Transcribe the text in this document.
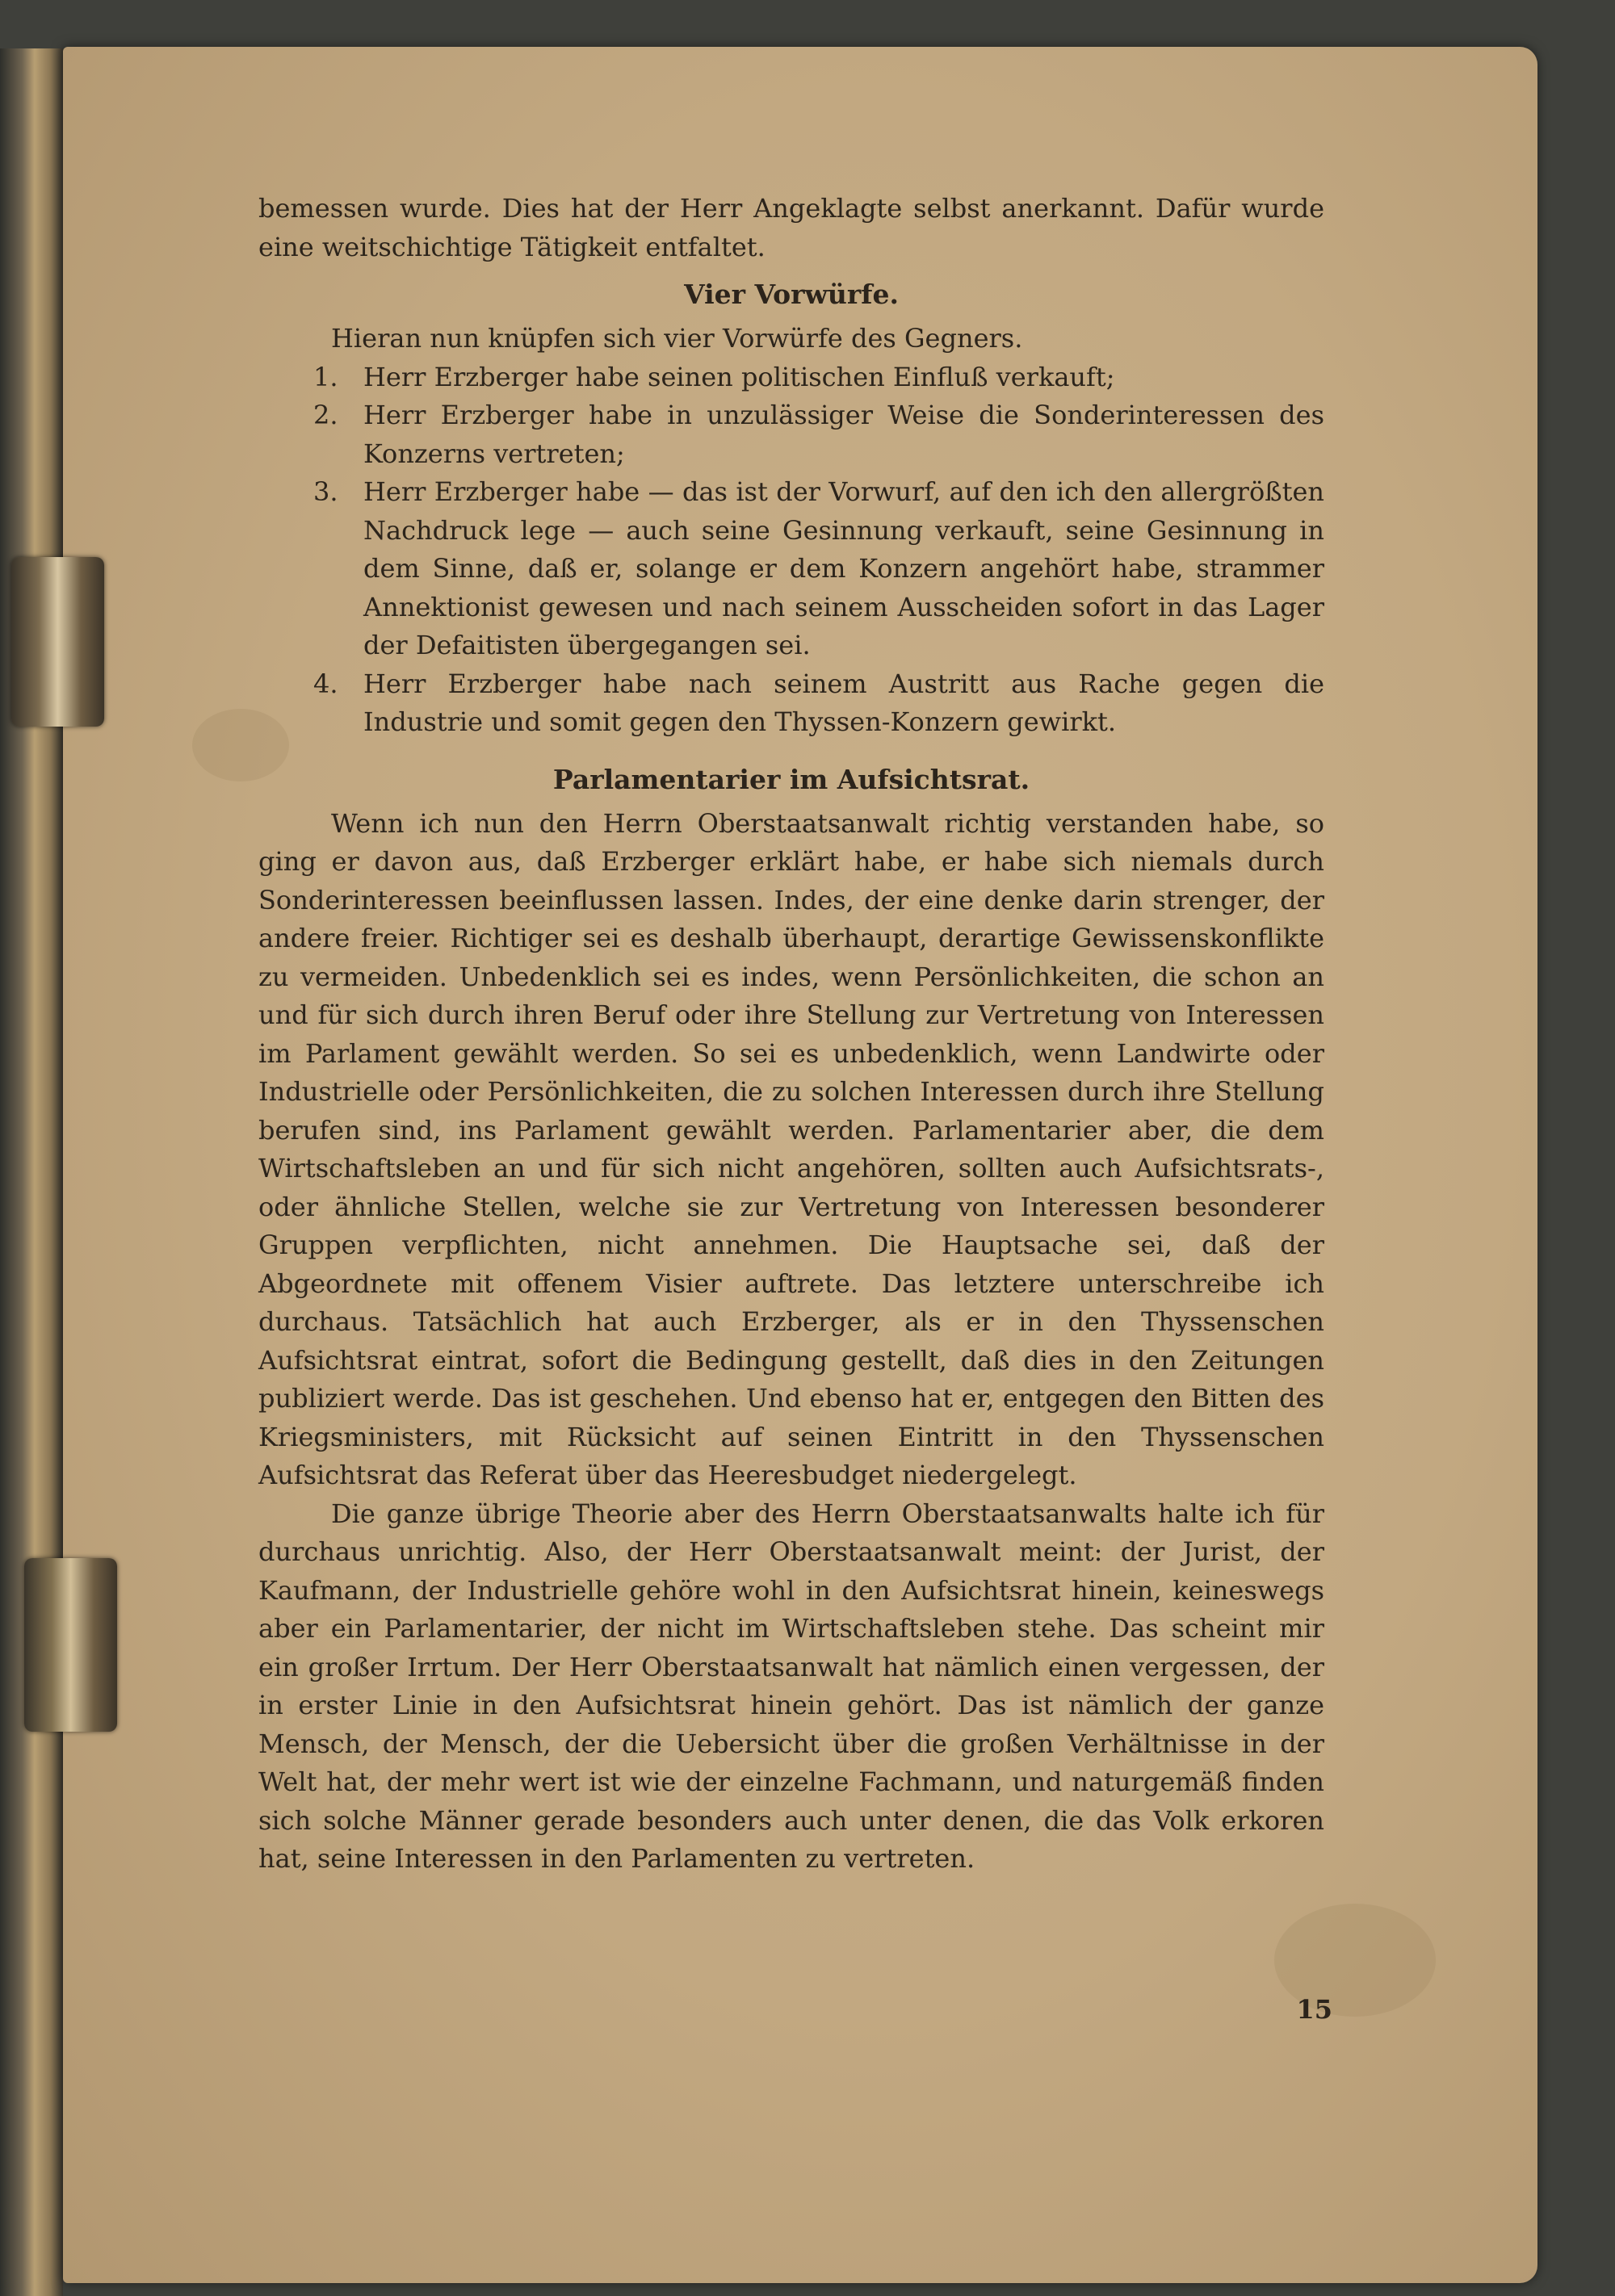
bemessen wurde. Dies hat der Herr Angeklagte selbst anerkannt. Dafür wurde eine weitschichtige Tätigkeit entfaltet.

Vier Vorwürfe.

Hieran nun knüpfen sich vier Vorwürfe des Gegners.

1. Herr Erzberger habe seinen politischen Einfluß verkauft;

2. Herr Erzberger habe in unzulässiger Weise die Sonderinteressen des Konzerns vertreten;

3. Herr Erzberger habe — das ist der Vorwurf, auf den ich den allergrößten Nachdruck lege — auch seine Gesinnung verkauft, seine Gesinnung in dem Sinne, daß er, solange er dem Konzern angehört habe, strammer Annektionist gewesen und nach seinem Ausscheiden sofort in das Lager der Defaitisten übergegangen sei.

4. Herr Erzberger habe nach seinem Austritt aus Rache gegen die Industrie und somit gegen den Thyssen-Konzern gewirkt.

Parlamentarier im Aufsichtsrat.

Wenn ich nun den Herrn Oberstaatsanwalt richtig verstanden habe, so ging er davon aus, daß Erzberger erklärt habe, er habe sich niemals durch Sonderinteressen beeinflussen lassen. Indes, der eine denke darin strenger, der andere freier. Richtiger sei es deshalb überhaupt, derartige Gewissenskonflikte zu vermeiden. Unbedenklich sei es indes, wenn Persönlichkeiten, die schon an und für sich durch ihren Beruf oder ihre Stellung zur Vertretung von Interessen im Parlament gewählt werden. So sei es unbedenklich, wenn Landwirte oder Industrielle oder Persönlichkeiten, die zu solchen Interessen durch ihre Stellung berufen sind, ins Parlament gewählt werden. Parlamentarier aber, die dem Wirtschaftsleben an und für sich nicht angehören, sollten auch Aufsichtsrats-, oder ähnliche Stellen, welche sie zur Vertretung von Interessen besonderer Gruppen verpflichten, nicht annehmen. Die Hauptsache sei, daß der Abgeordnete mit offenem Visier auftrete. Das letztere unterschreibe ich durchaus. Tatsächlich hat auch Erzberger, als er in den Thyssenschen Aufsichtsrat eintrat, sofort die Bedingung gestellt, daß dies in den Zeitungen publiziert werde. Das ist geschehen. Und ebenso hat er, entgegen den Bitten des Kriegsministers, mit Rücksicht auf seinen Eintritt in den Thyssenschen Aufsichtsrat das Referat über das Heeresbudget niedergelegt.

Die ganze übrige Theorie aber des Herrn Oberstaatsanwalts halte ich für durchaus unrichtig. Also, der Herr Oberstaatsanwalt meint: der Jurist, der Kaufmann, der Industrielle gehöre wohl in den Aufsichtsrat hinein, keineswegs aber ein Parlamentarier, der nicht im Wirtschaftsleben stehe. Das scheint mir ein großer Irrtum. Der Herr Oberstaatsanwalt hat nämlich einen vergessen, der in erster Linie in den Aufsichtsrat hinein gehört. Das ist nämlich der ganze Mensch, der Mensch, der die Uebersicht über die großen Verhältnisse in der Welt hat, der mehr wert ist wie der einzelne Fachmann, und naturgemäß finden sich solche Männer gerade besonders auch unter denen, die das Volk erkoren hat, seine Interessen in den Parlamenten zu vertreten.

15
